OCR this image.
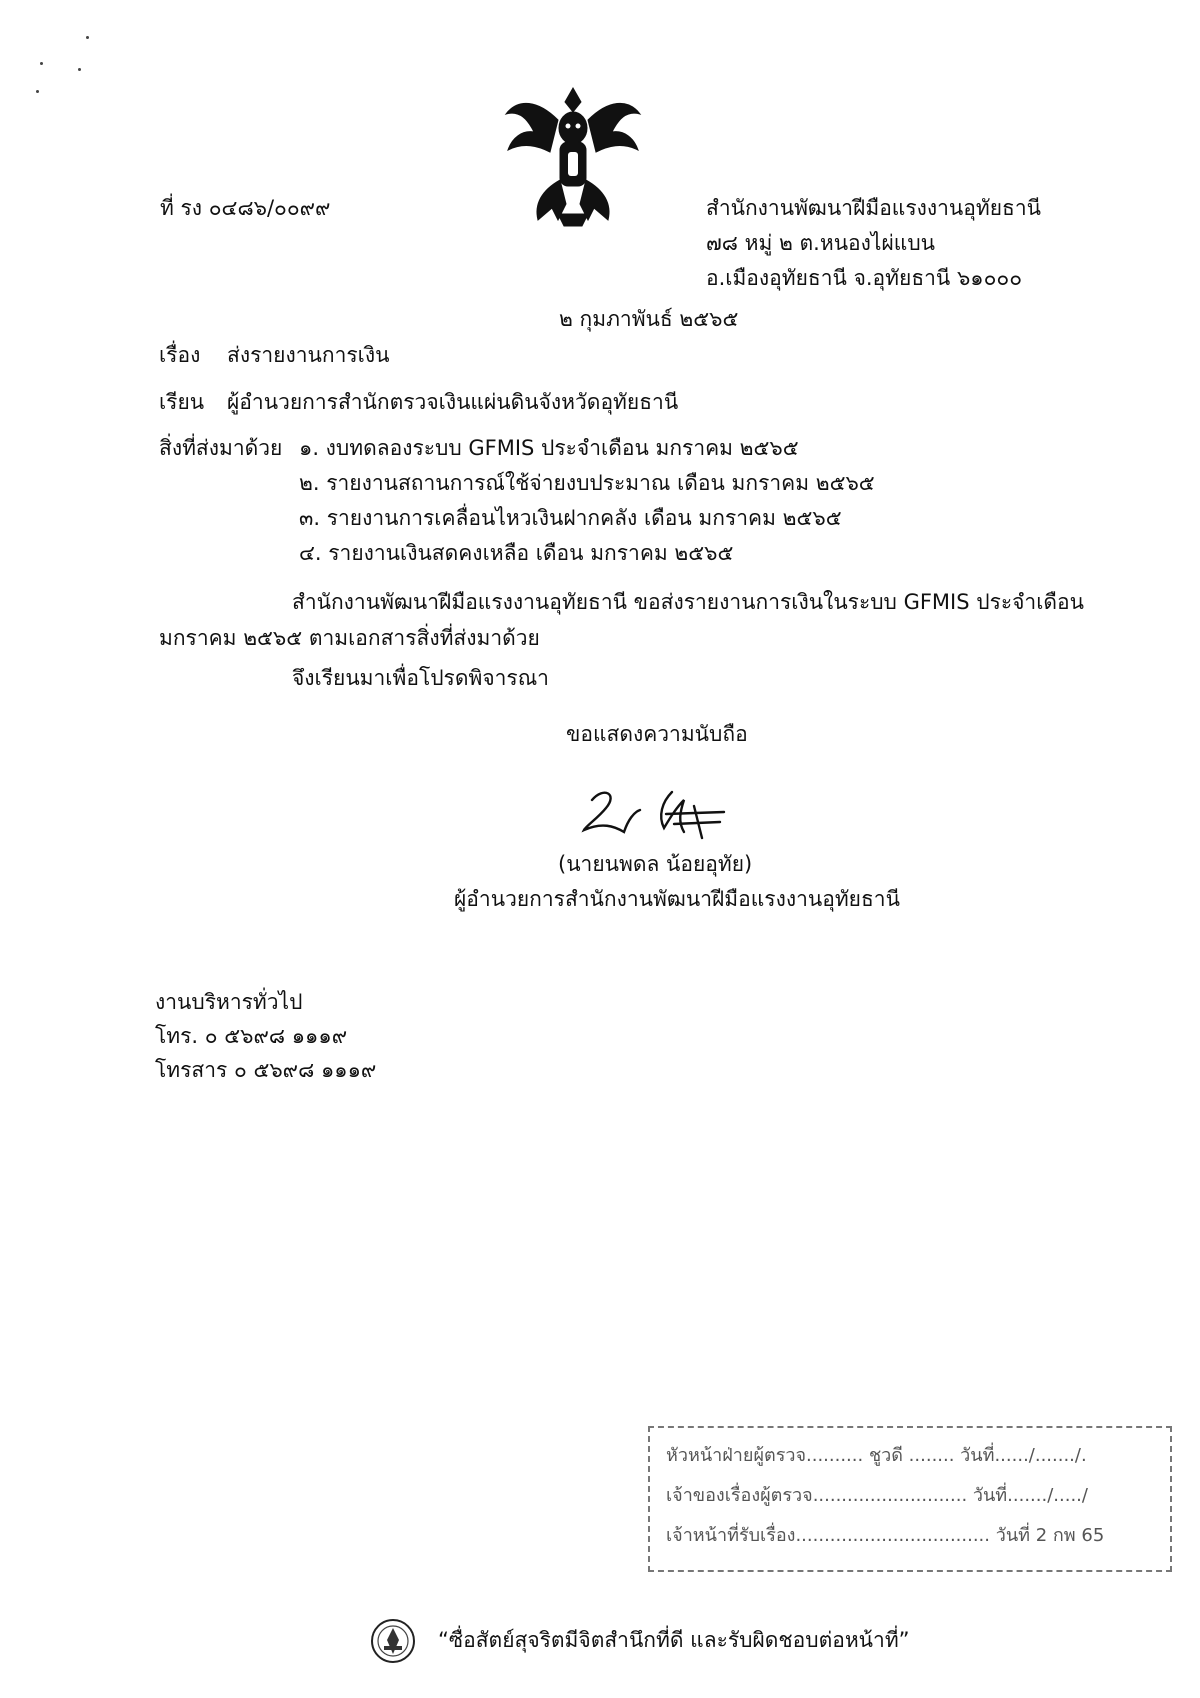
ที่ รง ๐๔๘๖/๐๐๙๙	สำนักงานพัฒนาฝีมือแรงงานอุทัยธานี
๗๘ หมู่ ๒ ต.หนองไผ่แบน
อ.เมืองอุทัยธานี จ.อุทัยธานี ๖๑๐๐๐
๒ กุมภาพันธ์ ๒๕๖๕
เรื่อง ส่งรายงานการเงิน
เรียน ผู้อำนวยการสำนักตรวจเงินแผ่นดินจังหวัดอุทัยธานี
สิ่งที่ส่งมาด้วย ๑. งบทดลองระบบ GFMIS ประจำเดือน มกราคม ๒๕๖๕
๒. รายงานสถานการณ์ใช้จ่ายงบประมาณ เดือน มกราคม ๒๕๖๕
๓. รายงานการเคลื่อนไหวเงินฝากคลัง เดือน มกราคม ๒๕๖๕
๔. รายงานเงินสดคงเหลือ เดือน มกราคม ๒๕๖๕
สำนักงานพัฒนาฝีมือแรงงานอุทัยธานี ขอส่งรายงานการเงินในระบบ GFMIS ประจำเดือน
มกราคม ๒๕๖๕ ตามเอกสารสิ่งที่ส่งมาด้วย
จึงเรียนมาเพื่อโปรดพิจารณา
ขอแสดงความนับถือ
(นายนพดล น้อยอุทัย)
ผู้อำนวยการสำนักงานพัฒนาฝีมือแรงงานอุทัยธานี
งานบริหารทั่วไป
โทร. ๐ ๕๖๙๘ ๑๑๑๙
โทรสาร ๐ ๕๖๙๘ ๑๑๑๙
หัวหน้าฝ่ายผู้ตรวจ.......... ชูวดี ........ วันที่....../......./.
เจ้าของเรื่องผู้ตรวจ........................... วันที่......./...../
เจ้าหน้าที่รับเรื่อง.................................. วันที่ 2 กพ 65
“ซื่อสัตย์สุจริตมีจิตสำนึกที่ดี และรับผิดชอบต่อหน้าที่”
